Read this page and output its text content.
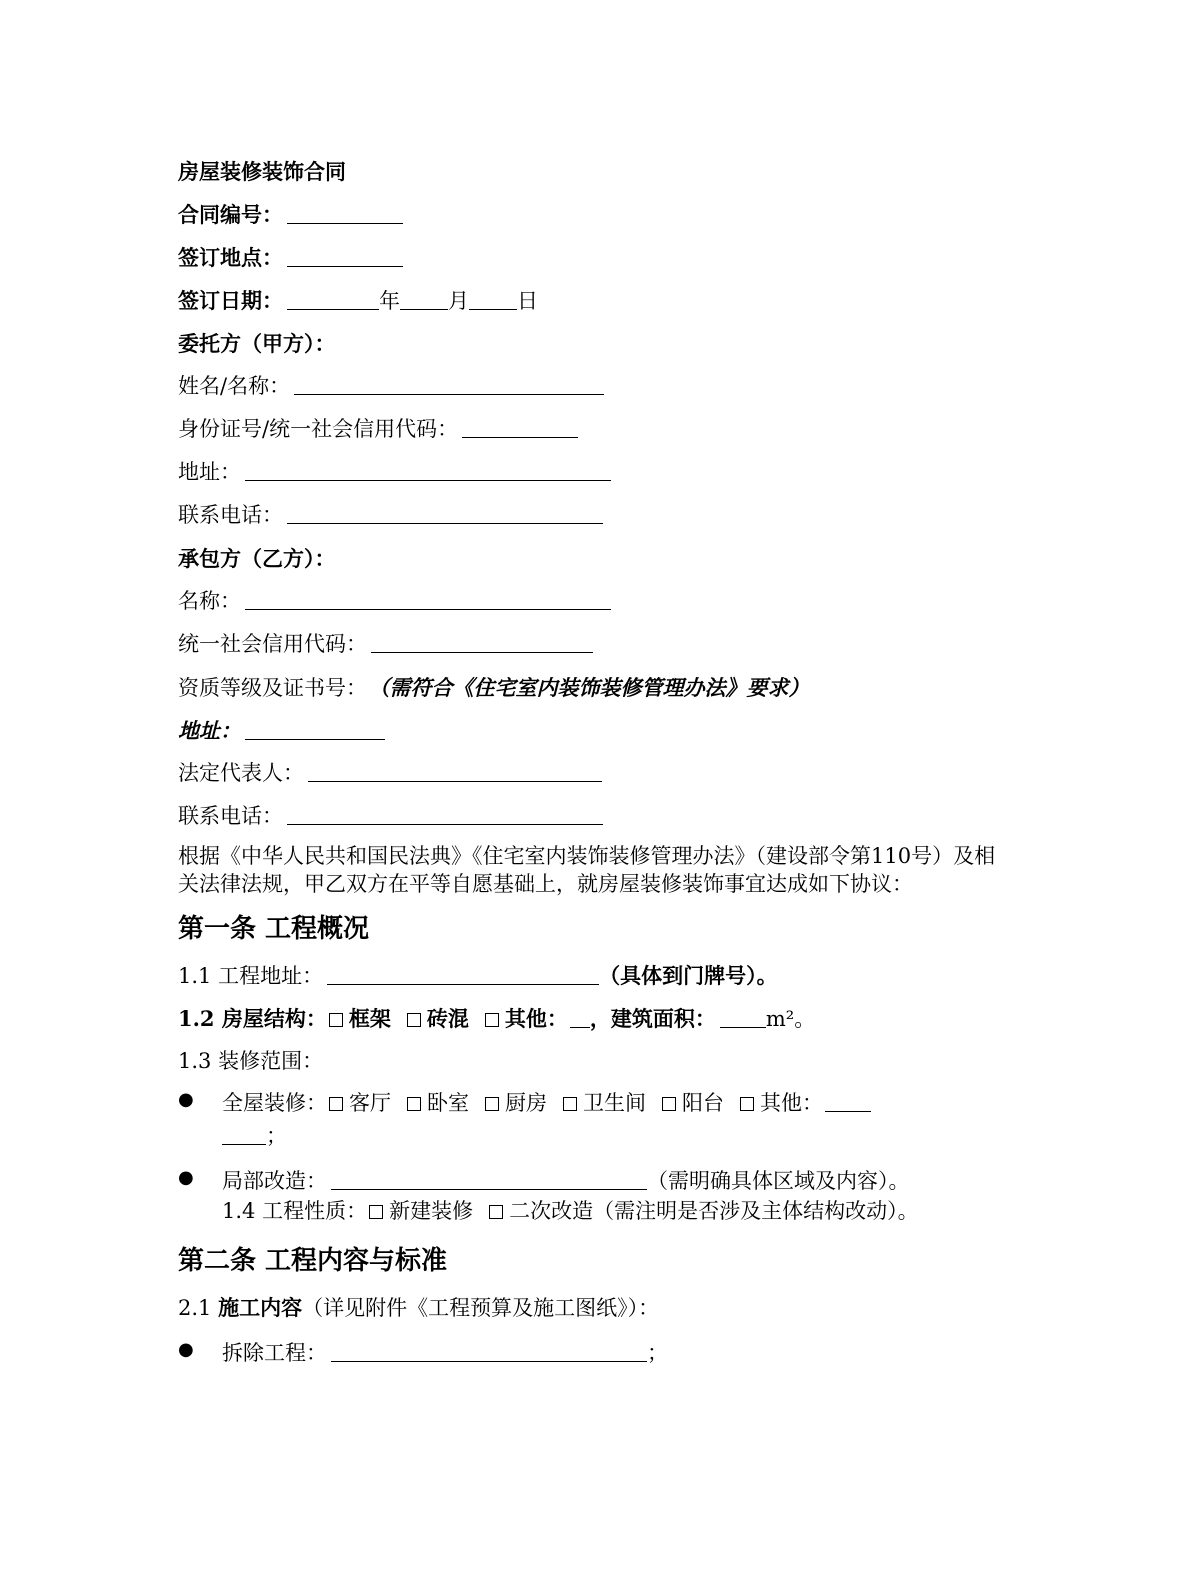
房屋装修装饰合同
合同编号：
签订地点：
签订日期：	年 月 日
委托方（甲方）：
姓名/名称：
身份证号/统一社会信用代码：
地址：
联系电话：
承包方（乙方）：
名称：
统一社会信用代码：
资质等级及证书号： （需符合《住宅室内装饰装修管理办法》要求）
地址：
法定代表人：
联系电话：
根据《中华人民共和国民法典》《住宅室内装饰装修管理办法》（建设部令第110号）及相关法律法规，甲乙双方在平等自愿基础上，就房屋装修装饰事宜达成如下协议：
第一条 工程概况
1.1 工程地址：	（具体到门牌号）。
1.2 房屋结构： 框架 砖混 其他： ，建筑面积： m²。
1.3 装修范围：
● 全屋装修： 客厅 卧室 厨房 卫生间 阳台 其他：
；
● 局部改造：	（需明确具体区域及内容）。
1.4 工程性质： 新建装修 二次改造（需注明是否涉及主体结构改动）。
第二条 工程内容与标准
2.1 施工内容（详见附件《工程预算及施工图纸》）：
● 拆除工程：	；
